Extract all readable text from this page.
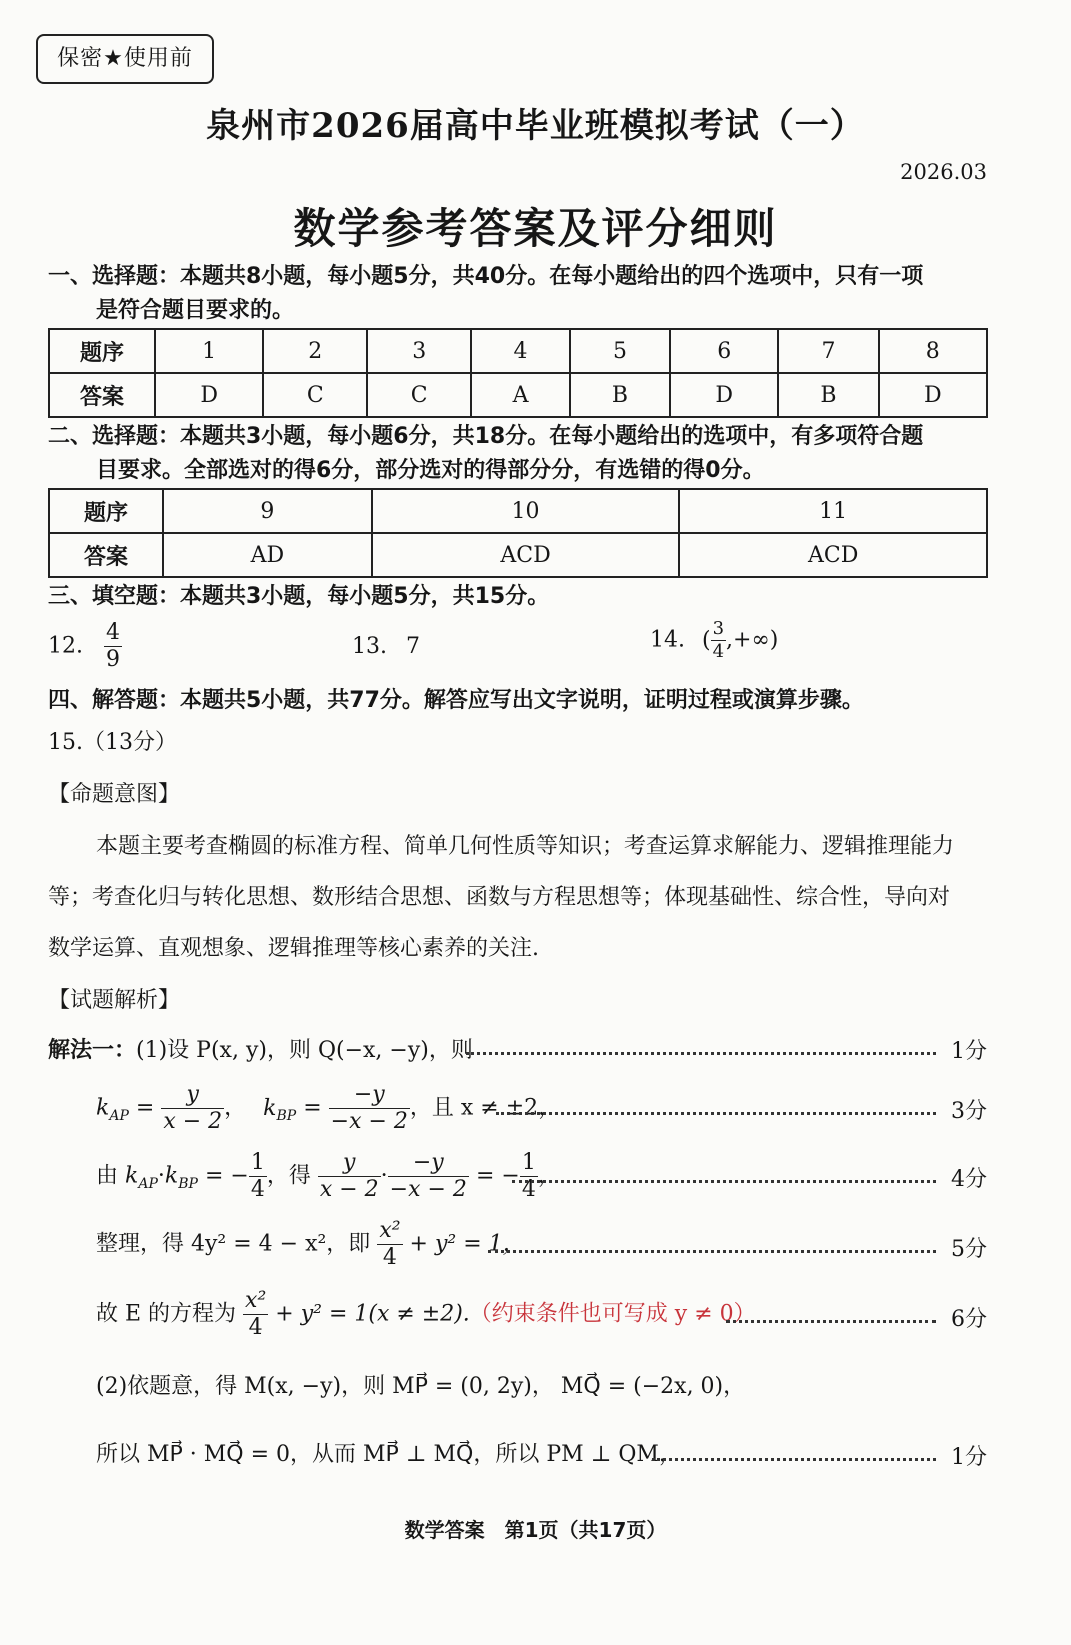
保密★使用前
泉州市2026届高中毕业班模拟考试（一）
2026.03
数学参考答案及评分细则
一、选择题：本题共8小题，每小题5分，共40分。在每小题给出的四个选项中，只有一项
是符合题目要求的。
题序	1	2	3	4	5	6	7	8
答案	D	C	C	A	B	D	B	D
二、选择题：本题共3小题，每小题6分，共18分。在每小题给出的选项中，有多项符合题
目要求。全部选对的得6分，部分选对的得部分分，有选错的得0分。
题序	9	10	11
答案	AD	ACD	ACD
三、填空题：本题共3小题，每小题5分，共15分。
12. $\frac{4}{9}$	13. 7	14. ( $\frac{3}{4}$ ,+∞)
四、解答题：本题共5小题，共77分。解答应写出文字说明，证明过程或演算步骤。
15.（13分）
【命题意图】
本题主要考查椭圆的标准方程、简单几何性质等知识；考查运算求解能力、逻辑推理能力
等；考查化归与转化思想、数形结合思想、函数与方程思想等；体现基础性、综合性，导向对
数学运算、直观想象、逻辑推理等核心素养的关注.
【试题解析】
解法一：(1)设 P(x, y)，则 Q(−x, −y)，则	1分
$k_{AP} = \frac{y}{x - 2}$ ， $k_{BP} = \frac{-y}{-x - 2}$ ，且 x ≠ ±2，	3分
由 $k_{AP}\cdot k_{BP}$ = − $\frac{1}{4}$ ，得 $\frac{y}{x - 2} \cdot \frac{-y}{-x - 2}$ = − $\frac{1}{4}$ ，	4分
整理，得 4y² = 4 − x²，即 $\frac{\text{x²}}{4} + y^2 = 1$，	5分
故 E 的方程为 $\frac{\text{x²}}{4} + y^2 = 1(x \ne \pm 2)$.（约束条件也可写成 y ≠ 0）	6分
(2)依题意，得 M(x, −y)，则 MP⃗ = (0, 2y)， MQ⃗ = (−2x, 0)，
所以 MP⃗ · MQ⃗ = 0，从而 MP⃗ ⊥ MQ⃗，所以 PM ⊥ QM，	1分
数学答案　第1页（共17页）
